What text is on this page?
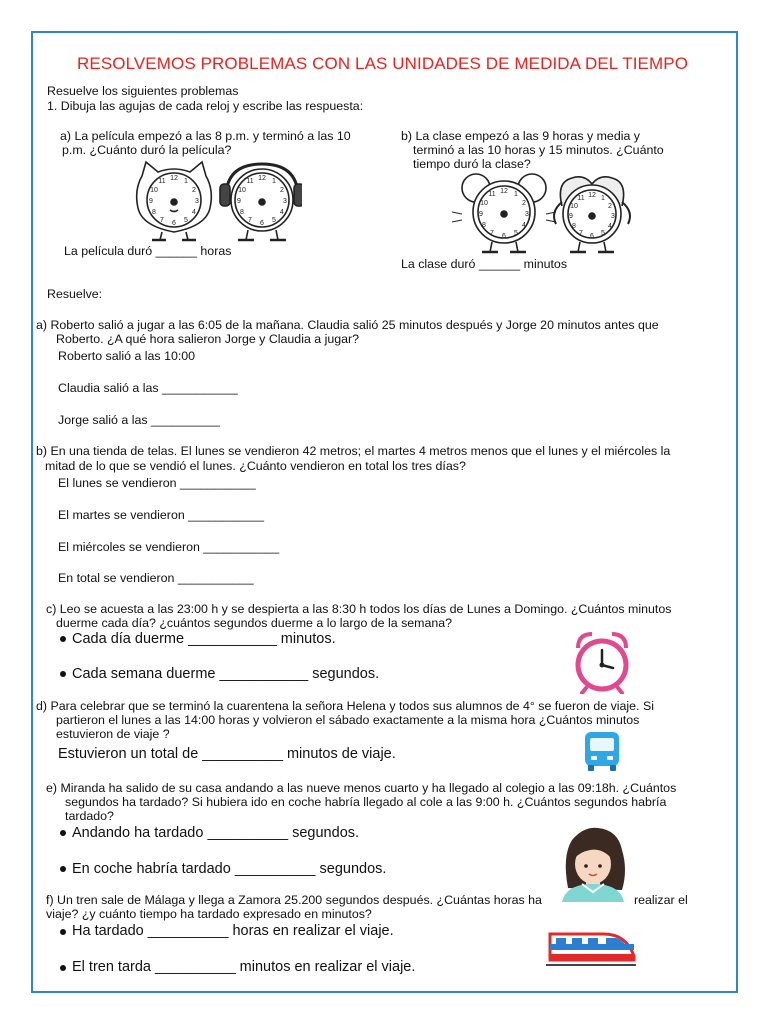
RESOLVEMOS PROBLEMAS CON LAS UNIDADES DE MEDIDA DEL TIEMPO
Resuelve los siguientes problemas
1. Dibuja las agujas de cada reloj y escribe las respuesta:
a) La película empezó a las 8 p.m. y terminó a las 10
p.m. ¿Cuánto duró la película?
12 1
2
3
4
5
6
7
8
9
10
11	12 1
2
3
4
5
6
7
8
9
10
11
La película duró ______ horas
b) La clase empezó a las 9 horas y media y
terminó a las 10 horas y 15 minutos. ¿Cuánto
tiempo duró la clase?
12 1
2
3
4
5
6
7
8
9
10
11	12 1
2
3
4
5
6
7
8
9
10
11
La clase duró ______ minutos
Resuelve:
a) Roberto salió a jugar a las 6:05 de la mañana. Claudia salió 25 minutos después y Jorge 20 minutos antes que
Roberto. ¿A qué hora salieron Jorge y Claudia a jugar?
Roberto salió a las 10:00
Claudia salió a las ___________
Jorge salió a las __________
b) En una tienda de telas. El lunes se vendieron 42 metros; el martes 4 metros menos que el lunes y el miércoles la
mitad de lo que se vendió el lunes. ¿Cuánto vendieron en total los tres días?
El lunes se vendieron ___________
El martes se vendieron ___________
El miércoles se vendieron ___________
En total se vendieron ___________
c) Leo se acuesta a las 23:00 h y se despierta a las 8:30 h todos los días de Lunes a Domingo. ¿Cuántos minutos
duerme cada día? ¿cuántos segundos duerme a lo largo de la semana?
Cada día duerme ___________ minutos.
Cada semana duerme ___________ segundos.
d) Para celebrar que se terminó la cuarentena la señora Helena y todos sus alumnos de 4° se fueron de viaje. Si
partieron el lunes a las 14:00 horas y volvieron el sábado exactamente a la misma hora ¿Cuántos minutos
estuvieron de viaje ?
Estuvieron un total de __________ minutos de viaje.
e) Miranda ha salido de su casa andando a las nueve menos cuarto y ha llegado al colegio a las 09:18h. ¿Cuántos
segundos ha tardado? Si hubiera ido en coche habría llegado al cole a las 9:00 h. ¿Cuántos segundos habría
tardado?
Andando ha tardado __________ segundos.
En coche habría tardado __________ segundos.
f) Un tren sale de Málaga y llega a Zamora 25.200 segundos después. ¿Cuántas horas ha	realizar el
viaje? ¿y cuánto tiempo ha tardado expresado en minutos?
Ha tardado __________ horas en realizar el viaje.
El tren tarda __________ minutos en realizar el viaje.
